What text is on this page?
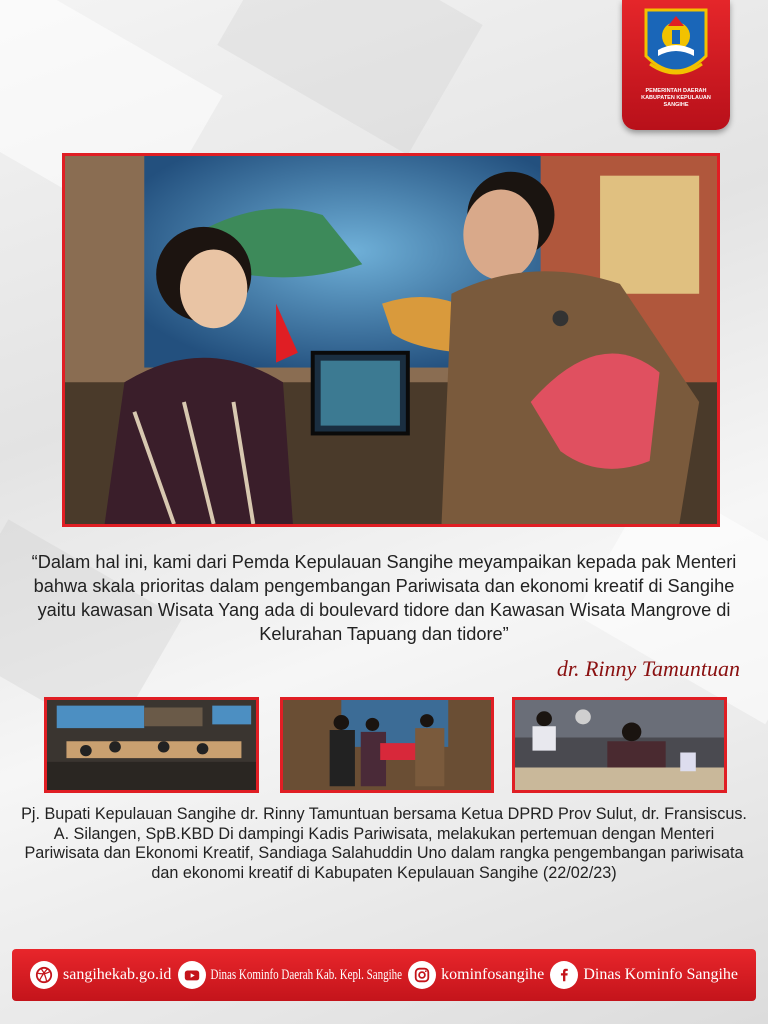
PEMERINTAH DAERAH
KABUPATEN KEPULAUAN
SANGIHE
“Dalam hal ini, kami dari Pemda Kepulauan Sangihe meyampaikan kepada pak Menteri bahwa skala prioritas dalam pengembangan Pariwisata dan ekonomi kreatif di Sangihe yaitu kawasan Wisata Yang ada di boulevard tidore dan Kawasan Wisata Mangrove di Kelurahan Tapuang dan tidore”
dr. Rinny Tamuntuan
Pj. Bupati Kepulauan Sangihe dr. Rinny Tamuntuan bersama Ketua DPRD Prov Sulut, dr. Fransiscus. A. Silangen, SpB.KBD Di dampingi Kadis Pariwisata, melakukan pertemuan dengan Menteri Pariwisata dan Ekonomi Kreatif, Sandiaga Salahuddin Uno dalam rangka pengembangan pariwisata dan ekonomi kreatif di Kabupaten Kepulauan Sangihe (22/02/23)
sangihekab.go.id	Dinas Kominfo Daerah Kab. Kepl. Sangihe kominfosangihe Dinas Kominfo Sangihe
